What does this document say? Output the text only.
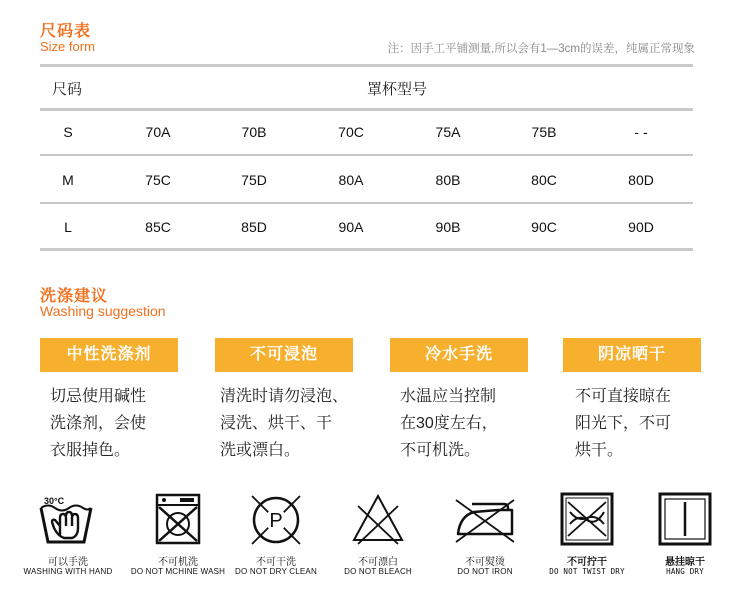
尺码表
Size form	注：因手工平铺测量,所以会有1—3cm的误差，纯属正常现象
尺码	罩杯型号
S	70A	70B	70C	75A	75B	- -
M	75C	75D	80A	80B	80C	80D
L	85C	85D	90A	90B	90C	90D
洗涤建议
Washing suggestion
中性洗涤剂	不可浸泡	冷水手洗	阴凉晒干
切忌使用碱性
洗涤剂，会使
衣服掉色。
清洗时请勿浸泡、
浸洗、烘干、干
洗或漂白。
水温应当控制
在30度左右，
不可机洗。
不可直接晾在
阳光下，不可
烘干。
30°C
可以手洗
WASHING WITH HAND
不可机洗
DO NOT MCHINE WASH
P
不可干洗
DO NOT DRY CLEAN
不可漂白
DO NOT BLEACH
不可熨烫
DO NOT IRON
不可拧干
DO NOT TWIST DRY
悬挂晾干
HANG DRY
